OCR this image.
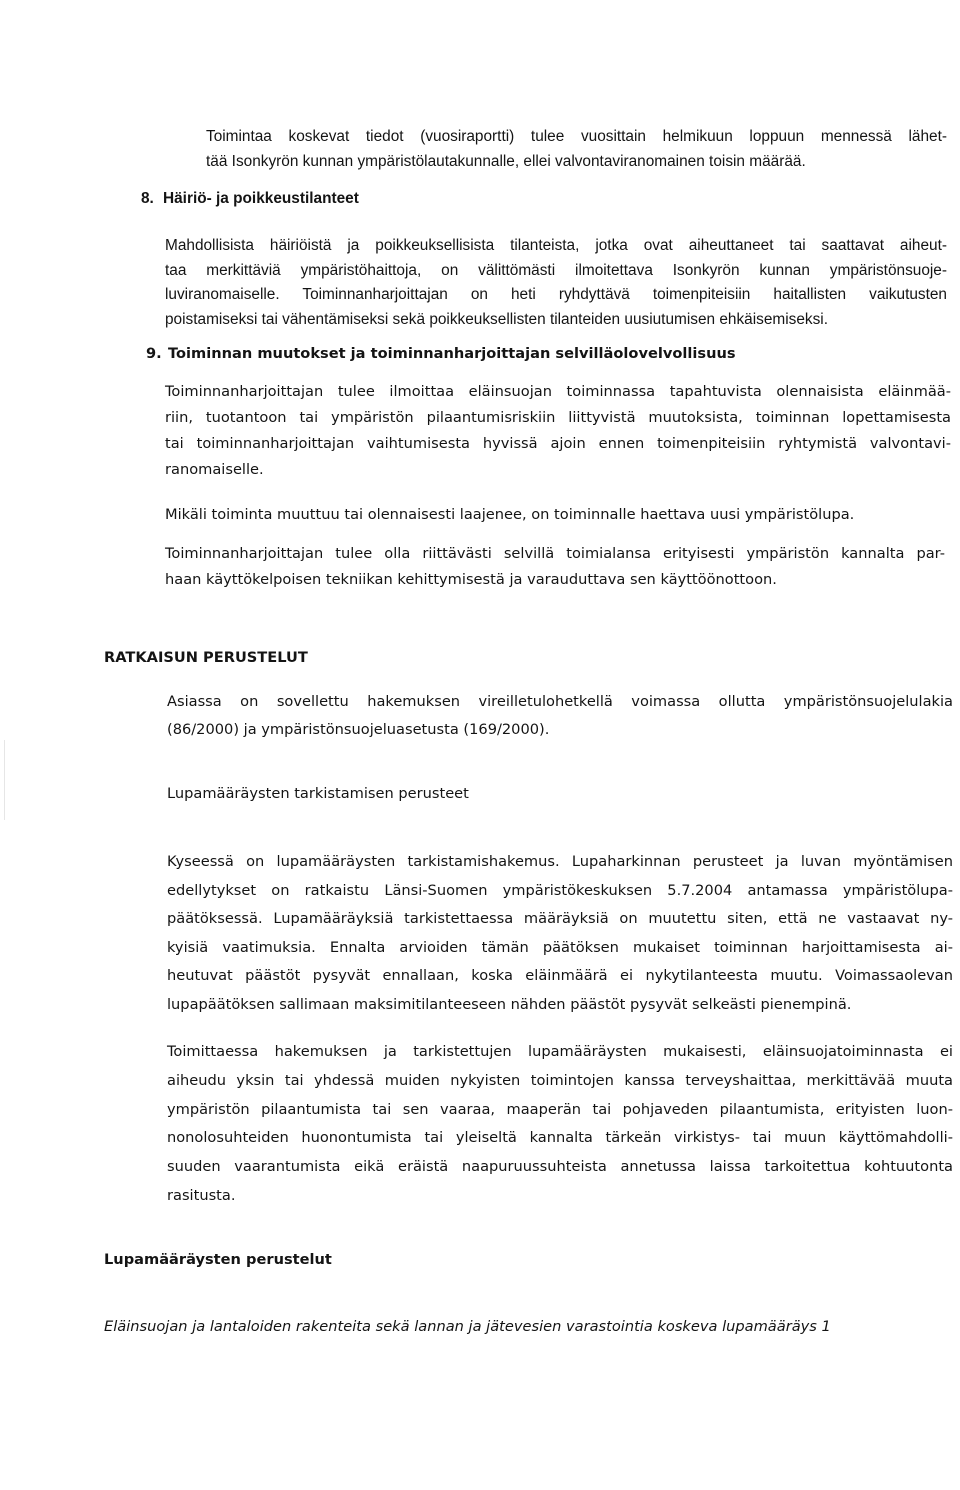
Toimintaa koskevat tiedot (vuosiraportti) tulee vuosittain helmikuun loppuun mennessä lähet-
tää Isonkyrön kunnan ympäristölautakunnalle, ellei valvontaviranomainen toisin määrää.
8. Häiriö- ja poikkeustilanteet
Mahdollisista häiriöistä ja poikkeuksellisista tilanteista, jotka ovat aiheuttaneet tai saattavat aiheut-
taa merkittäviä ympäristöhaittoja, on välittömästi ilmoitettava Isonkyrön kunnan ympäristönsuoje-
luviranomaiselle. Toiminnanharjoittajan on heti ryhdyttävä toimenpiteisiin haitallisten vaikutusten
poistamiseksi tai vähentämiseksi sekä poikkeuksellisten tilanteiden uusiutumisen ehkäisemiseksi.
9. Toiminnan muutokset ja toiminnanharjoittajan selvilläolovelvollisuus
Toiminnanharjoittajan tulee ilmoittaa eläinsuojan toiminnassa tapahtuvista olennaisista eläinmää-
riin, tuotantoon tai ympäristön pilaantumisriskiin liittyvistä muutoksista, toiminnan lopettamisesta
tai toiminnanharjoittajan vaihtumisesta hyvissä ajoin ennen toimenpiteisiin ryhtymistä valvontavi-
ranomaiselle.
Mikäli toiminta muuttuu tai olennaisesti laajenee, on toiminnalle haettava uusi ympäristölupa.
Toiminnanharjoittajan tulee olla riittävästi selvillä toimialansa erityisesti ympäristön kannalta par-
haan käyttökelpoisen tekniikan kehittymisestä ja varauduttava sen käyttöönottoon.
RATKAISUN PERUSTELUT
Asiassa on sovellettu hakemuksen vireilletulohetkellä voimassa ollutta ympäristönsuojelulakia
(86/2000) ja ympäristönsuojeluasetusta (169/2000).
Lupamääräysten tarkistamisen perusteet
Kyseessä on lupamääräysten tarkistamishakemus. Lupaharkinnan perusteet ja luvan myöntämisen
edellytykset on ratkaistu Länsi-Suomen ympäristökeskuksen 5.7.2004 antamassa ympäristölupa-
päätöksessä. Lupamääräyksiä tarkistettaessa määräyksiä on muutettu siten, että ne vastaavat ny-
kyisiä vaatimuksia. Ennalta arvioiden tämän päätöksen mukaiset toiminnan harjoittamisesta ai-
heutuvat päästöt pysyvät ennallaan, koska eläinmäärä ei nykytilanteesta muutu. Voimassaolevan
lupapäätöksen sallimaan maksimitilanteeseen nähden päästöt pysyvät selkeästi pienempinä.
Toimittaessa hakemuksen ja tarkistettujen lupamääräysten mukaisesti, eläinsuojatoiminnasta ei
aiheudu yksin tai yhdessä muiden nykyisten toimintojen kanssa terveyshaittaa, merkittävää muuta
ympäristön pilaantumista tai sen vaaraa, maaperän tai pohjaveden pilaantumista, erityisten luon-
nonolosuhteiden huonontumista tai yleiseltä kannalta tärkeän virkistys- tai muun käyttömahdolli-
suuden vaarantumista eikä eräistä naapuruussuhteista annetussa laissa tarkoitettua kohtuutonta
rasitusta.
Lupamääräysten perustelut
Eläinsuojan ja lantaloiden rakenteita sekä lannan ja jätevesien varastointia koskeva lupamääräys 1
